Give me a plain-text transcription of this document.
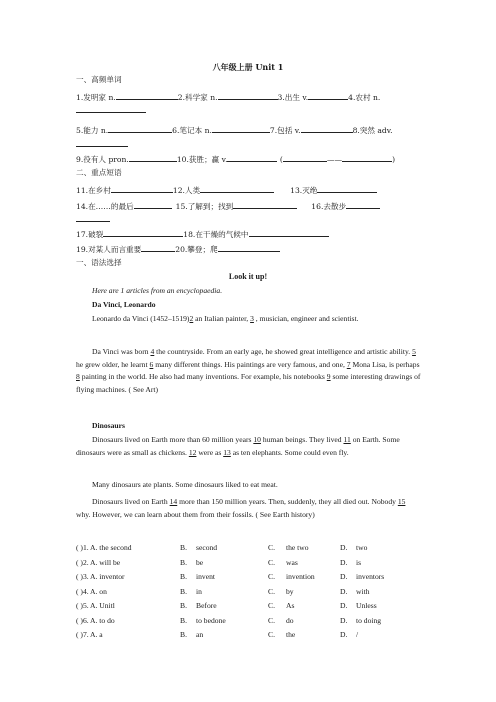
八年级上册 Unit 1
一、高频单词
1.发明家 n.	2.科学家 n.	3.出生 v.	4.农村 n.
5.能力 n.	6.笔记本 n.	7.包括 v.	8.突然 adv.
9.役有人 pron.	10.获胜；赢 v.	(	——	)
二、重点短语
11.在乡村	12.人类	13.灭绝
14.在……的最后	15.了解到；找到	16.去散步
17.破裂	18.在干燥的气候中
19.对某人而言重要	20.攀登；爬
一、语法选择
Look it up!
Here are 1 articles from an encyclopaedia.
Da Vinci, Leonardo
Leonardo da Vinci (1452–1519)2 an Italian painter, 3 , musician, engineer and scientist.
Da Vinci was born 4 the countryside. From an early age, he showed great intelligence and artistic ability. 5 he grew older, he learnt 6 many different things. His paintings are very famous, and one, 7 Mona Lisa, is perhaps 8 painting in the world. He also had many inventions. For example, his notebooks 9 some interesting drawings of flying machines. ( See Art)
Dinosaurs
Dinosaurs lived on Earth more than 60 million years 10 human beings. They lived 11 on Earth. Some dinosaurs were as small as chickens. 12 were as 13 as ten elephants. Some could even fly.
Many dinosaurs ate plants. Some dinosaurs liked to eat meat.
Dinosaurs lived on Earth 14 more than 150 million years. Then, suddenly, they all died out. Nobody 15 why. However, we can learn about them from their fossils. ( See Earth history)
( )1. A. the second	B. second	C. the two	D. two
( )2. A. will be	B. be	C. was	D. is
( )3. A. inventor	B. invent	C. invention	D. inventors
( )4. A. on	B. in	C. by	D. with
( )5. A. Unitl	B. Before	C. As	D. Unless
( )6. A. to do	B. to bedone	C. do	D. to doing
( )7. A. a	B. an	C. the	D. /
